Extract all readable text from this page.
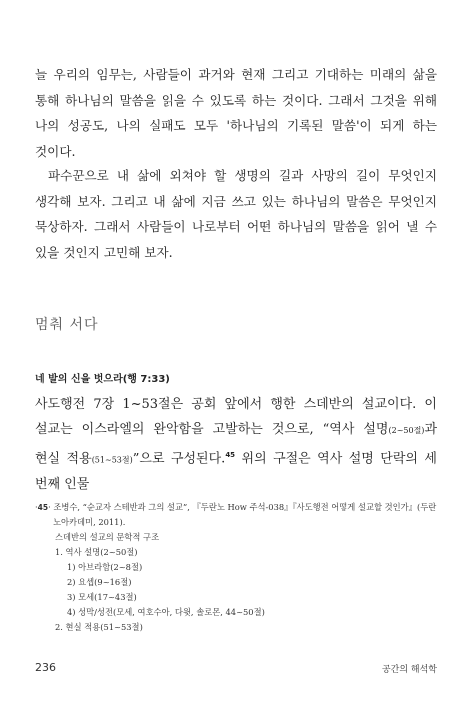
늘 우리의 임무는, 사람들이 과거와 현재 그리고 기대하는 미래의 삶을 통해 하나님의 말씀을 읽을 수 있도록 하는 것이다. 그래서 그것을 위해 나의 성공도, 나의 실패도 모두 '하나님의 기록된 말씀'이 되게 하는 것이다.
파수꾼으로 내 삶에 외쳐야 할 생명의 길과 사망의 길이 무엇인지 생각해 보자. 그리고 내 삶에 지금 쓰고 있는 하나님의 말씀은 무엇인지 묵상하자. 그래서 사람들이 나로부터 어떤 하나님의 말씀을 읽어 낼 수 있을 것인지 고민해 보자.
멈춰 서다
네 발의 신을 벗으라(행 7:33)
사도행전 7장 1~53절은 공회 앞에서 행한 스데반의 설교이다. 이 설교는 이스라엘의 완악함을 고발하는 것으로, “역사 설명(2~50절)과 현실 적용(51~53절)”으로 구성된다.$^{45}$ 위의 구절은 역사 설명 단락의 세 번째 인물
·45· 조병수, “순교자 스테반과 그의 설교”, 『두란노 How 주석-038』『사도행전 어떻게 설교할 것인가』(두란노아카데미, 2011).
스데반의 설교의 문학적 구조
1. 역사 설명(2~50절)
1) 아브라함(2~8절)
2) 요셉(9~16절)
3) 모세(17~43절)
4) 성막/성전(모세, 여호수아, 다윗, 솔로몬, 44~50절)
2. 현실 적용(51~53절)
236	공간의 해석학
